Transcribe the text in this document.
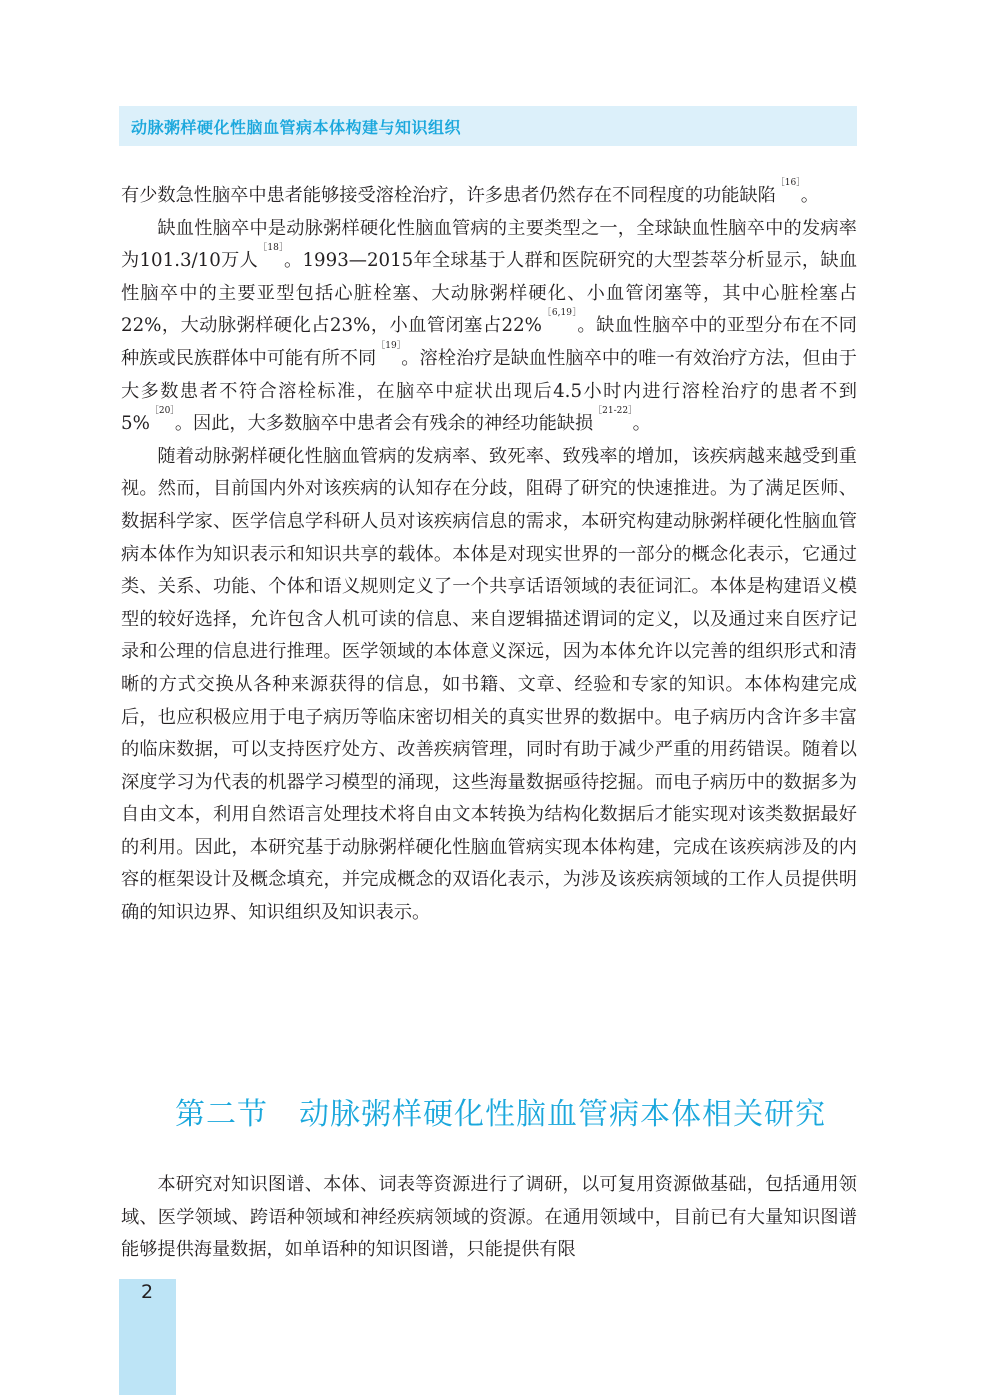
动脉粥样硬化性脑血管病本体构建与知识组织

有少数急性脑卒中患者能够接受溶栓治疗，许多患者仍然存在不同程度的功能缺陷$^{[16]}$。

缺血性脑卒中是动脉粥样硬化性脑血管病的主要类型之一，全球缺血性脑卒中的发病率为101.3/10万人$^{[18]}$。1993—2015年全球基于人群和医院研究的大型荟萃分析显示，缺血性脑卒中的主要亚型包括心脏栓塞、大动脉粥样硬化、小血管闭塞等，其中心脏栓塞占22%，大动脉粥样硬化占23%，小血管闭塞占22%$^{[6,19]}$。缺血性脑卒中的亚型分布在不同种族或民族群体中可能有所不同$^{[19]}$。溶栓治疗是缺血性脑卒中的唯一有效治疗方法，但由于大多数患者不符合溶栓标准，在脑卒中症状出现后4.5小时内进行溶栓治疗的患者不到5%$^{[20]}$。因此，大多数脑卒中患者会有残余的神经功能缺损$^{[21-22]}$。

随着动脉粥样硬化性脑血管病的发病率、致死率、致残率的增加，该疾病越来越受到重视。然而，目前国内外对该疾病的认知存在分歧，阻碍了研究的快速推进。为了满足医师、数据科学家、医学信息学科研人员对该疾病信息的需求，本研究构建动脉粥样硬化性脑血管病本体作为知识表示和知识共享的载体。本体是对现实世界的一部分的概念化表示，它通过类、关系、功能、个体和语义规则定义了一个共享话语领域的表征词汇。本体是构建语义模型的较好选择，允许包含人机可读的信息、来自逻辑描述谓词的定义，以及通过来自医疗记录和公理的信息进行推理。医学领域的本体意义深远，因为本体允许以完善的组织形式和清晰的方式交换从各种来源获得的信息，如书籍、文章、经验和专家的知识。本体构建完成后，也应积极应用于电子病历等临床密切相关的真实世界的数据中。电子病历内含许多丰富的临床数据，可以支持医疗处方、改善疾病管理，同时有助于减少严重的用药错误。随着以深度学习为代表的机器学习模型的涌现，这些海量数据亟待挖掘。而电子病历中的数据多为自由文本，利用自然语言处理技术将自由文本转换为结构化数据后才能实现对该类数据最好的利用。因此，本研究基于动脉粥样硬化性脑血管病实现本体构建，完成在该疾病涉及的内容的框架设计及概念填充，并完成概念的双语化表示，为涉及该疾病领域的工作人员提供明确的知识边界、知识组织及知识表示。

第二节　动脉粥样硬化性脑血管病本体相关研究

本研究对知识图谱、本体、词表等资源进行了调研，以可复用资源做基础，包括通用领域、医学领域、跨语种领域和神经疾病领域的资源。在通用领域中，目前已有大量知识图谱能够提供海量数据，如单语种的知识图谱，只能提供有限

2
